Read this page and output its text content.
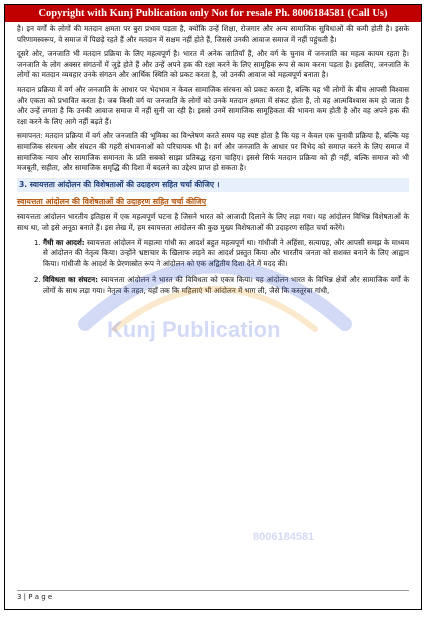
Copyright with Kunj Publication only Not for resale Ph. 8006184581 (Call Us)

है। इन वर्गों के लोगों की मतदान क्षमता पर बुरा प्रभाव पड़ता है, क्योंकि उन्हें शिक्षा, रोजगार और अन्य सामाजिक सुविधाओं की कमी होती है। इसके परिणामस्वरूप, वे समाज में पिछड़े रहते हैं और मतदान में सक्षम नहीं होते हैं, जिससे उनकी आवाज समाज में नहीं पहुंचती है।

दूसरे ओर, जनजाति भी मतदान प्रक्रिया के लिए महत्वपूर्ण है। भारत में अनेक जातियाँ हैं, और वर्ग के चुनाव में जनजाति का महत्व कायम रहता है। जनजाति के लोग अक्सर संगठनों में जुड़े होते हैं और उन्हें अपने हक की रक्षा करने के लिए सामूहिक रूप से काम करना पड़ता है। इसलिए, जनजाति के लोगों का मतदान व्यवहार उनके संगठन और आर्थिक स्थिति को प्रकट करता है, जो उनकी आवाज को महत्वपूर्ण बनाता है।

मतदान प्रक्रिया में वर्ग और जनजाति के आधार पर भेदभाव न केवल सामाजिक संरचना को प्रकट करता है, बल्कि यह भी लोगों के बीच आपसी विश्वास और एकता को प्रभावित करता है। जब किसी वर्ग या जनजाति के लोगों को उनके मतदान क्षमता में संकट होता है, तो वह आत्मविश्वास कम हो जाता है और उन्हें लगता है कि उनकी आवाज समाज में नहीं सुनी जा रही है। इससे उनमें सामाजिक सामूहिकता की भावना कम होती है और वह अपने हक की रक्षा करने के लिए आगे नहीं बढ़ते हैं।

समापनत: मतदान प्रक्रिया में वर्ग और जनजाति की भूमिका का विश्लेषण करते समय यह स्पष्ट होता है कि यह न केवल एक चुनावी प्रक्रिया है, बल्कि यह सामाजिक संरचना और संघटन की गहरी संभावनाओं को परिचायक भी है। वर्ग और जनजाति के आधार पर विभेद को समाप्त करने के लिए समाज में सामाजिक न्याय और सामाजिक समानता के प्रति सबको साझा प्रतिबद्ध रहना चाहिए। इससे सिर्फ मतदान प्रक्रिया को ही नहीं, बल्कि समाज को भी मजबूती, सहीता, और सामाजिक समृद्धि की दिशा में बदलने का उद्देश्य प्राप्त हो सकता है।

3. स्वायत्तता आंदोलन की विशेषताओं की उदाहरण सहित चर्चा कीजिए ।
स्वायत्तता आंदोलन की विशेषताओं की उदाहरण सहित चर्चा कीजिए

स्वायत्तता आंदोलन भारतीय इतिहास में एक महत्वपूर्ण घटना है जिसने भारत को आजादी दिलाने के लिए लड़ा गया। यह आंदोलन विभिन्न विशेषताओं के साथ था, जो इसे अनूठा बनाते हैं। इस लेख में, हम स्वायत्तता आंदोलन की कुछ मुख्य विशेषताओं की उदाहरण सहित चर्चा करेंगे।

1. गैंधी का आदर्श: स्वायत्तता आंदोलन में महात्मा गांधी का आदर्श बहुत महत्वपूर्ण था। गांधीजी ने अहिंसा, सत्याग्रह, और आपसी समझ के माध्यम से आंदोलन की नेतृत्व किया। उन्होंने भ्रष्टाचार के खिलाफ लड़ने का आदर्श प्रस्तुत किया और भारतीय जनता को सशक्त बनाने के लिए आह्वान किया। गांधीजी के आदर्श के प्रेरणास्रोत रूप ने आंदोलन को एक अद्वितीय दिशा देने में मदद की।
2. विविधता का संघटन: स्वायत्तता आंदोलन ने भारत की विविधता को एकत्र किया। यह आंदोलन भारत के विभिन्न क्षेत्रों और सामाजिक वर्गों के लोगों के साथ लड़ा गया। नेतृत्व के तहत, यहाँ तक कि महिलाएं भी आंदोलन में भाग ली, जैसे कि कस्तूरबा गांधी,
Kunj Publication
8006184581
3 | P a g e
